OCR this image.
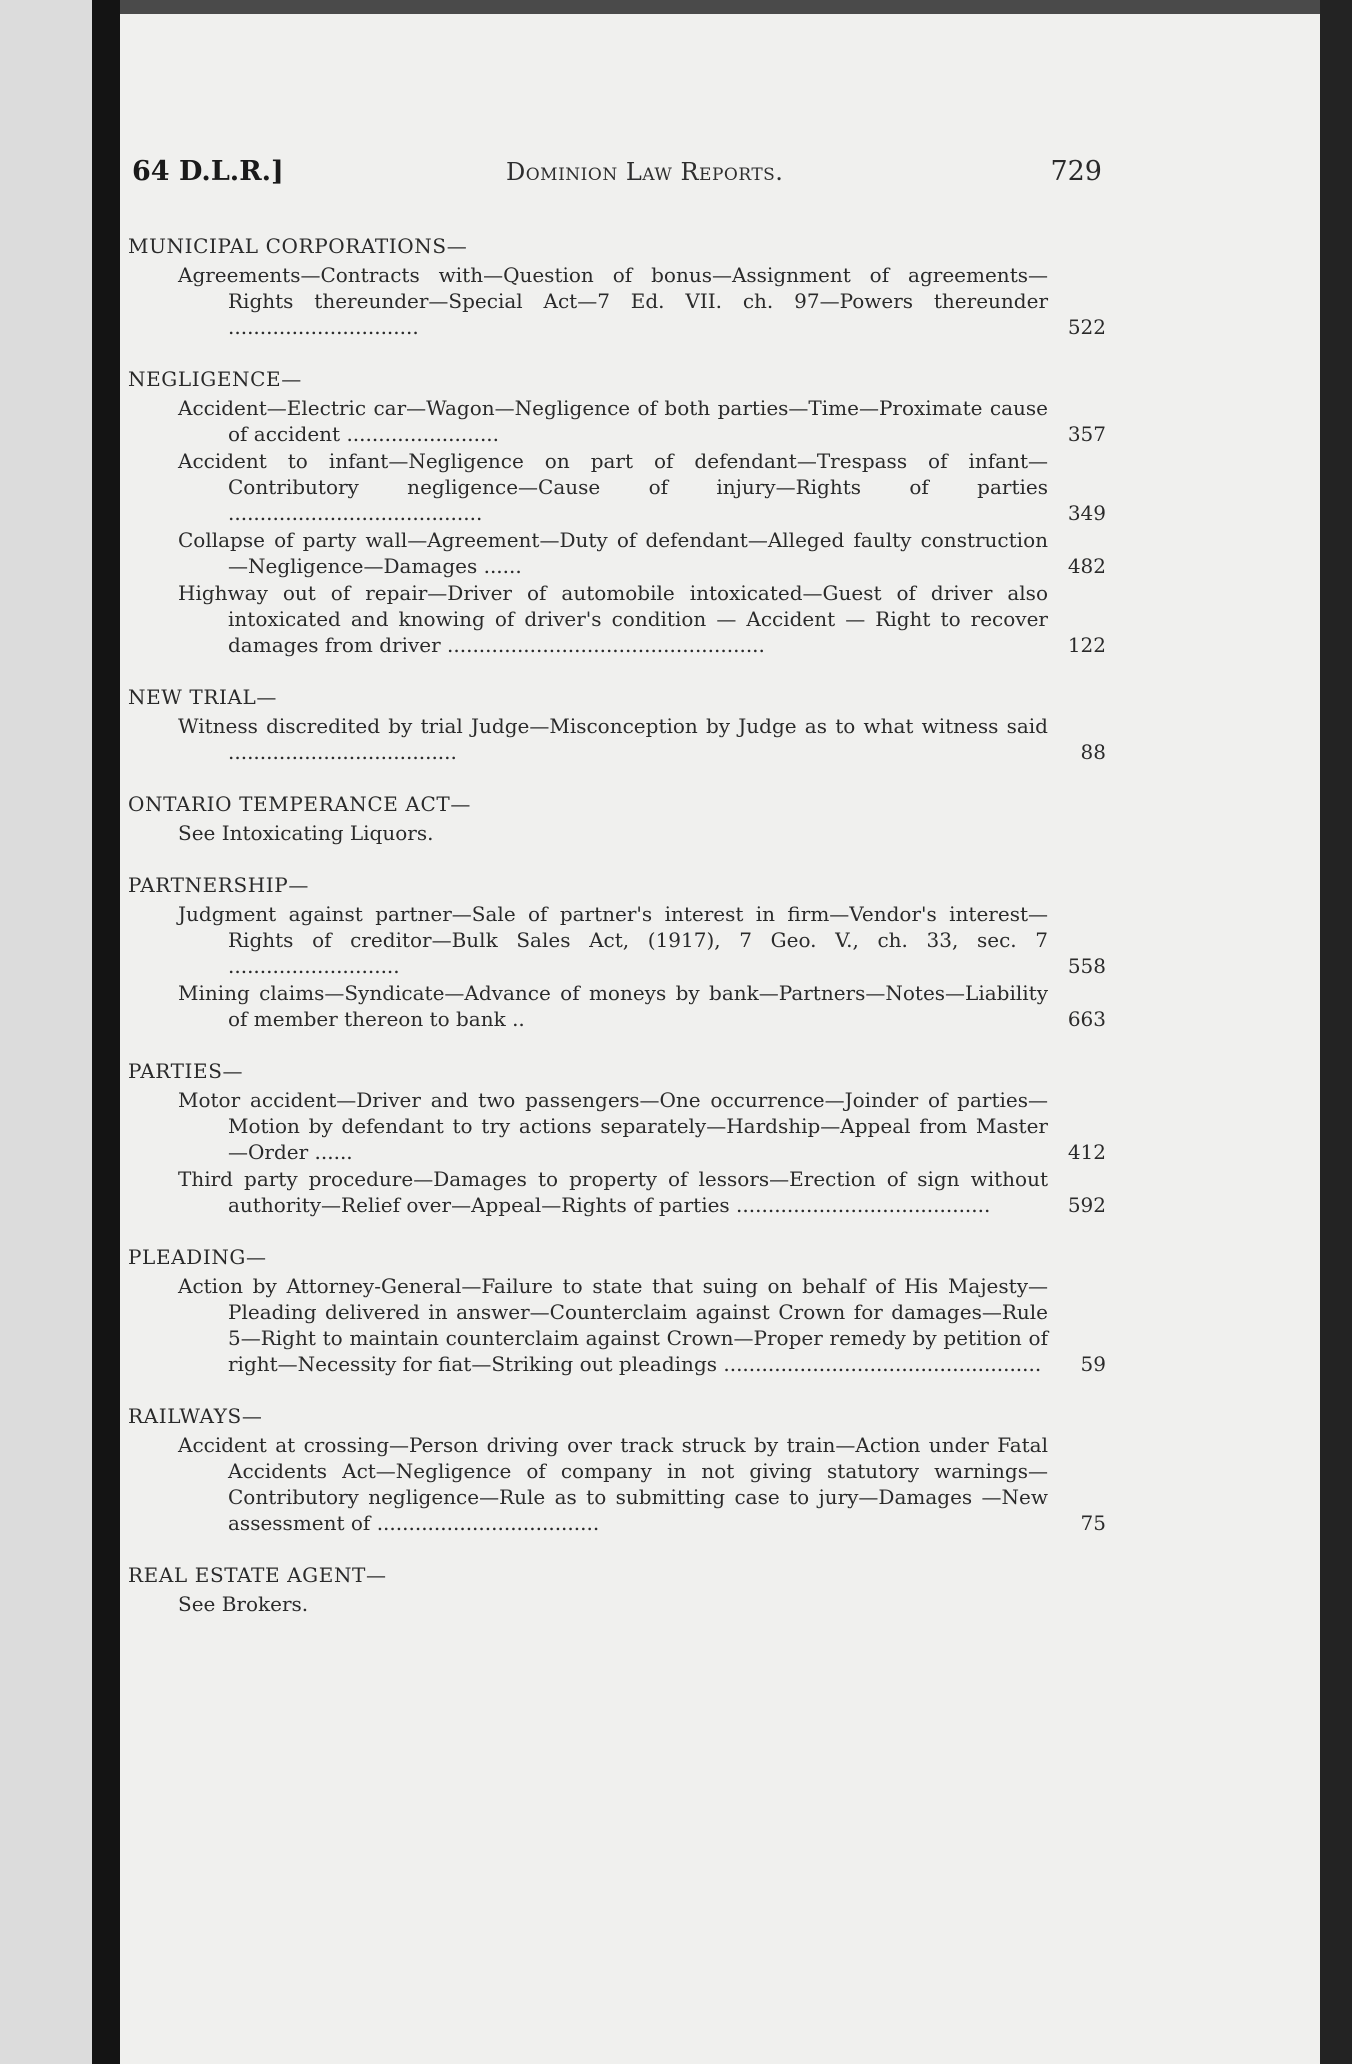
64 D.L.R.]	Dominion Law Reports.	729
MUNICIPAL CORPORATIONS—
Agreements—Contracts with—Question of bonus—Assignment of agreements—Rights thereunder—Special Act—7 Ed. VII. ch. 97—Powers thereunder ..............................	522
NEGLIGENCE—
Accident—Electric car—Wagon—Negligence of both parties—Time—Proximate cause of accident ........................	357
Accident to infant—Negligence on part of defendant—Trespass of infant—Contributory negligence—Cause of injury—Rights of parties ........................................	349
Collapse of party wall—Agreement—Duty of defendant—Alleged faulty construction—Negligence—Damages ......	482
Highway out of repair—Driver of automobile intoxicated—Guest of driver also intoxicated and knowing of driver's condition — Accident — Right to recover damages from driver ..................................................	122
NEW TRIAL—
Witness discredited by trial Judge—Misconception by Judge as to what witness said ....................................	88
ONTARIO TEMPERANCE ACT—
See Intoxicating Liquors.
PARTNERSHIP—
Judgment against partner—Sale of partner's interest in firm—Vendor's interest—Rights of creditor—Bulk Sales Act, (1917), 7 Geo. V., ch. 33, sec. 7 ...........................	558
Mining claims—Syndicate—Advance of moneys by bank—Partners—Notes—Liability of member thereon to bank ..	663
PARTIES—
Motor accident—Driver and two passengers—One occurrence—Joinder of parties—Motion by defendant to try actions separately—Hardship—Appeal from Master—Order ......	412
Third party procedure—Damages to property of lessors—Erection of sign without authority—Relief over—Appeal—Rights of parties ........................................	592
PLEADING—
Action by Attorney-General—Failure to state that suing on behalf of His Majesty—Pleading delivered in answer—Counterclaim against Crown for damages—Rule 5—Right to maintain counterclaim against Crown—Proper remedy by petition of right—Necessity for fiat—Striking out pleadings .................................................. 59
RAILWAYS—
Accident at crossing—Person driving over track struck by train—Action under Fatal Accidents Act—Negligence of company in not giving statutory warnings—Contributory negligence—Rule as to submitting case to jury—Damages —New assessment of ...................................	75
REAL ESTATE AGENT—
See Brokers.
